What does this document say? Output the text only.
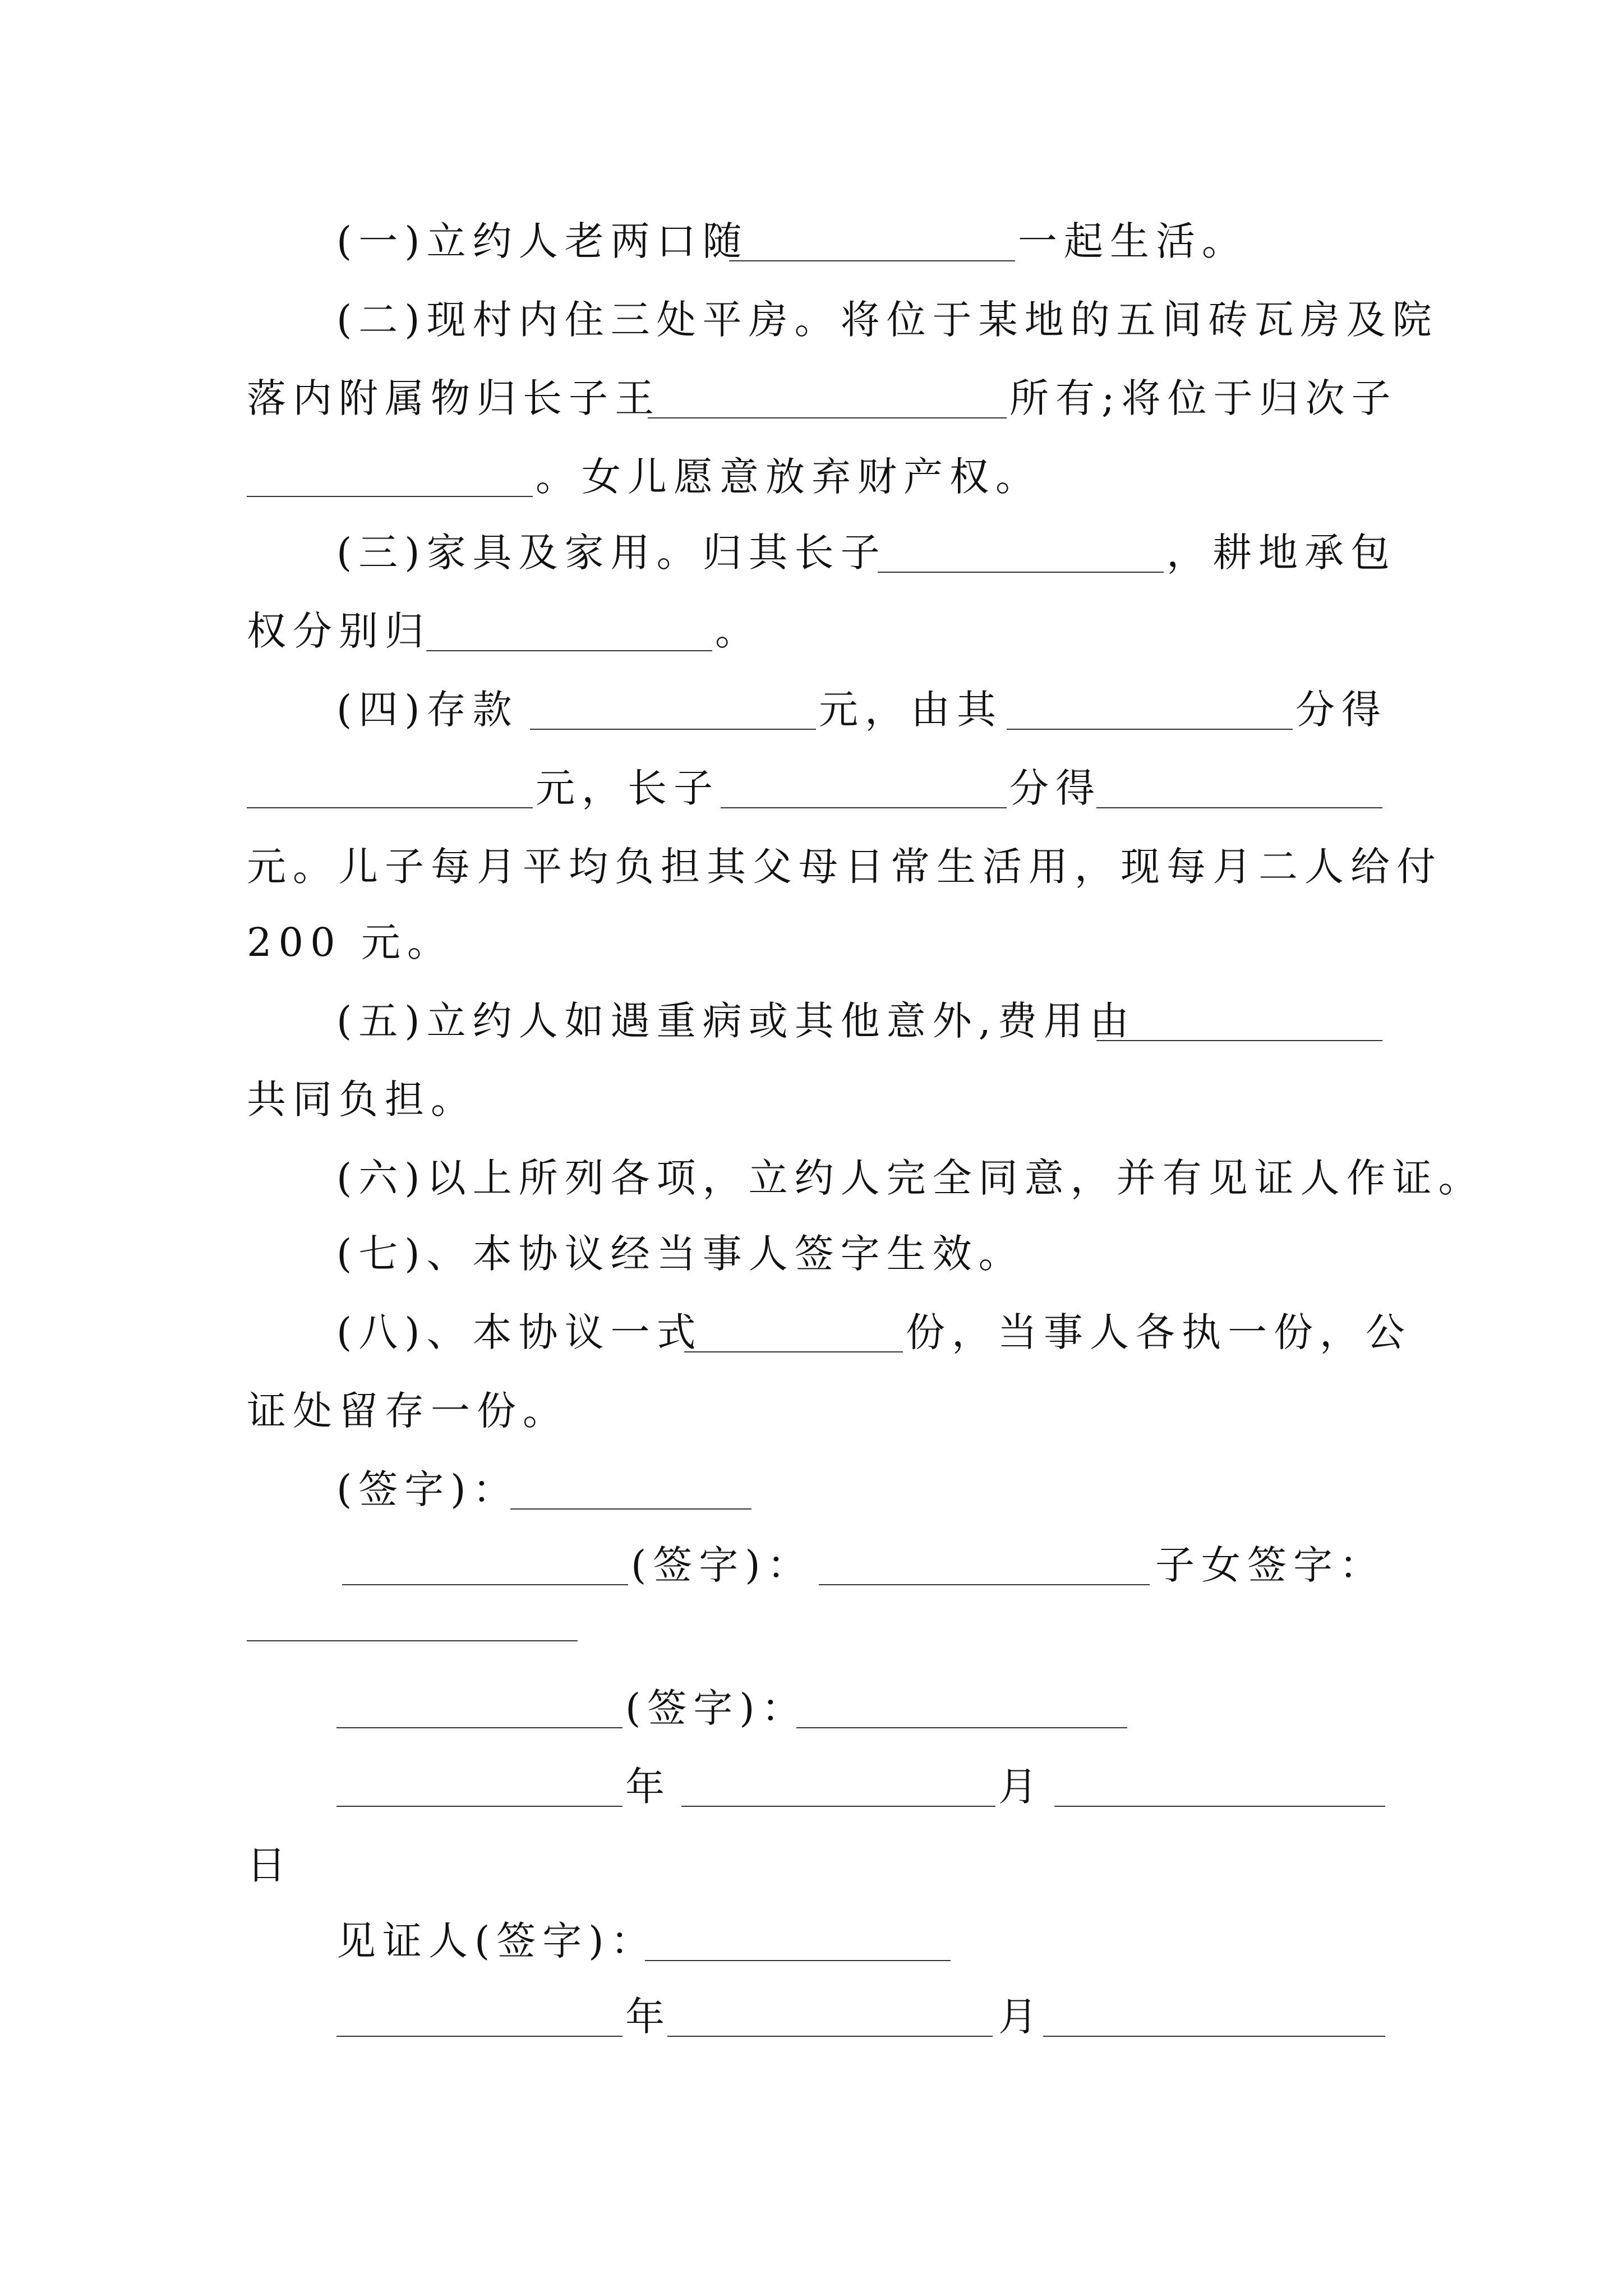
(一)立约人老两口随	一起生活。
(二)现村内住三处平房。将位于某地的五间砖瓦房及院
落内附属物归长子王	所有;将位于归次子
。女儿愿意放弃财产权。
(三)家具及家用。归其长子	，耕地承包
权分别归	。
(四)存款	元，由其	分得
元，长子	分得
元。儿子每月平均负担其父母日常生活用，现每月二人给付
200 元。
(五)立约人如遇重病或其他意外,费用由
共同负担。
(六)以上所列各项，立约人完全同意，并有见证人作证。
(七)、本协议经当事人签字生效。
(八)、本协议一式	份，当事人各执一份，公
证处留存一份。
(签字)：
(签字)：	子女签字：
(签字)：
年	月
日
见证人(签字)：
年	月
